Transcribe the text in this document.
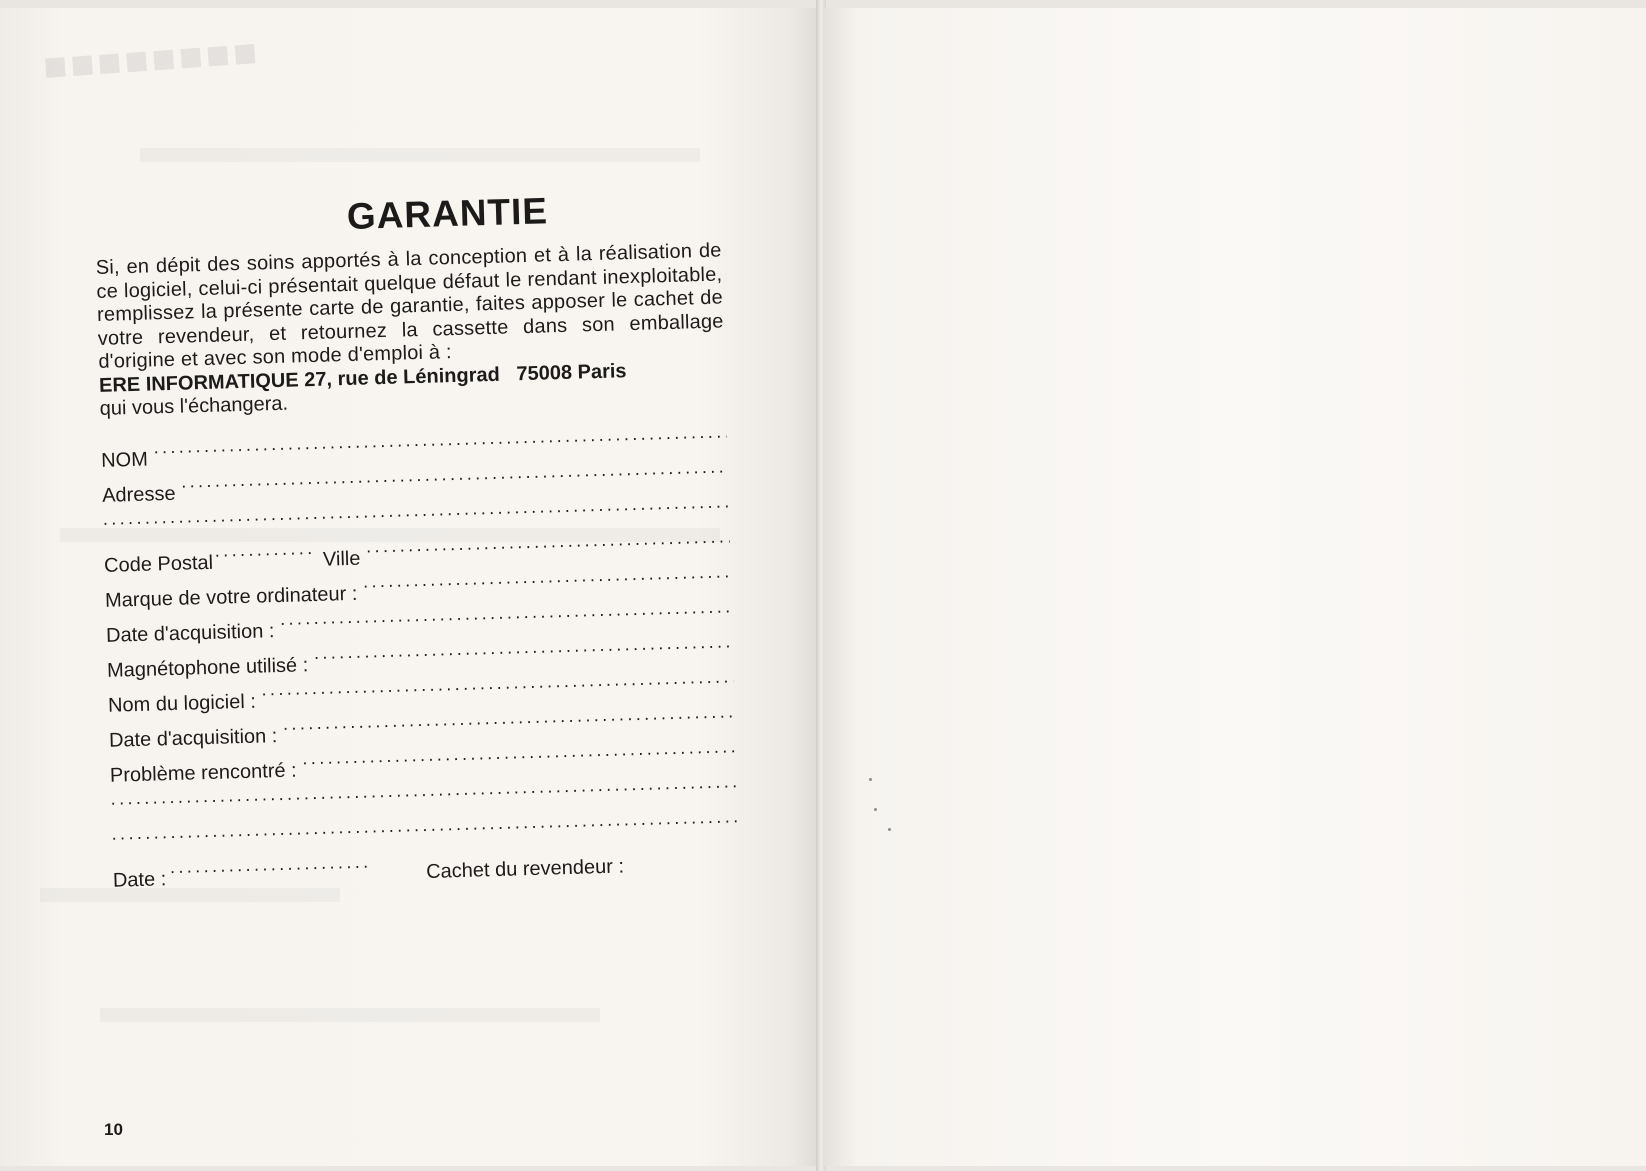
■■■■■■■■
GARANTIE

Si, en dépit des soins apportés à la conception et à la réalisation de ce logiciel, celui-ci présentait quelque défaut le rendant inexploitable, remplissez la présente carte de garantie, faites apposer le cachet de votre revendeur, et retournez la cassette dans son emballage d'origine et avec son mode d'emploi à :

ERE INFORMATIQUE 27, rue de Léningrad 75008 Paris

qui vous l'échangera.

NOM
.....
Adresse
.....
.....
Code Postal .....	Ville
.....
Marque de votre ordinateur :
.....
Date d'acquisition :
.....
Magnétophone utilisé :
.....
Nom du logiciel :
.....
Date d'acquisition :
.....
Problème rencontré :
.....
.....
.....
Date : .....	Cachet du revendeur :
10
